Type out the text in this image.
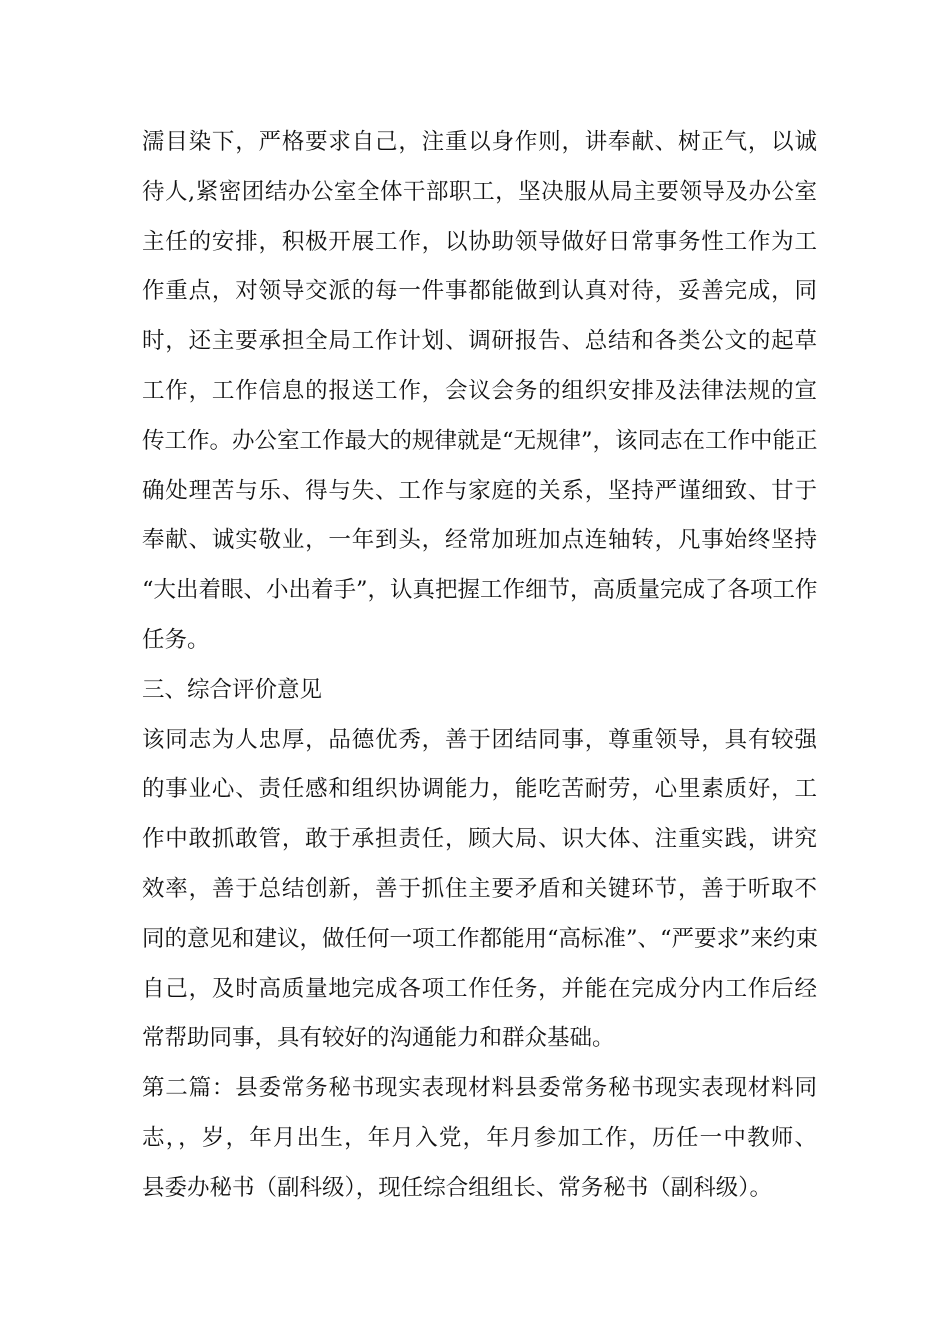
濡目染下，严格要求自己，注重以身作则，讲奉献、树正气，以诚
待人,紧密团结办公室全体干部职工，坚决服从局主要领导及办公室
主任的安排，积极开展工作，以协助领导做好日常事务性工作为工
作重点，对领导交派的每一件事都能做到认真对待，妥善完成，同
时，还主要承担全局工作计划、调研报告、总结和各类公文的起草
工作，工作信息的报送工作，会议会务的组织安排及法律法规的宣
传工作。办公室工作最大的规律就是“无规律”，该同志在工作中能正
确处理苦与乐、得与失、工作与家庭的关系，坚持严谨细致、甘于
奉献、诚实敬业，一年到头，经常加班加点连轴转，凡事始终坚持
“大出着眼、小出着手”，认真把握工作细节，高质量完成了各项工作
任务。
三、综合评价意见
该同志为人忠厚，品德优秀，善于团结同事，尊重领导，具有较强
的事业心、责任感和组织协调能力，能吃苦耐劳，心里素质好，工
作中敢抓敢管，敢于承担责任，顾大局、识大体、注重实践，讲究
效率，善于总结创新，善于抓住主要矛盾和关键环节，善于听取不
同的意见和建议，做任何一项工作都能用“高标准”、“严要求”来约束
自己，及时高质量地完成各项工作任务，并能在完成分内工作后经
常帮助同事，具有较好的沟通能力和群众基础。
第二篇：县委常务秘书现实表现材料县委常务秘书现实表现材料同
志，，岁，年月出生，年月入党，年月参加工作，历任一中教师、
县委办秘书（副科级），现任综合组组长、常务秘书（副科级）。
